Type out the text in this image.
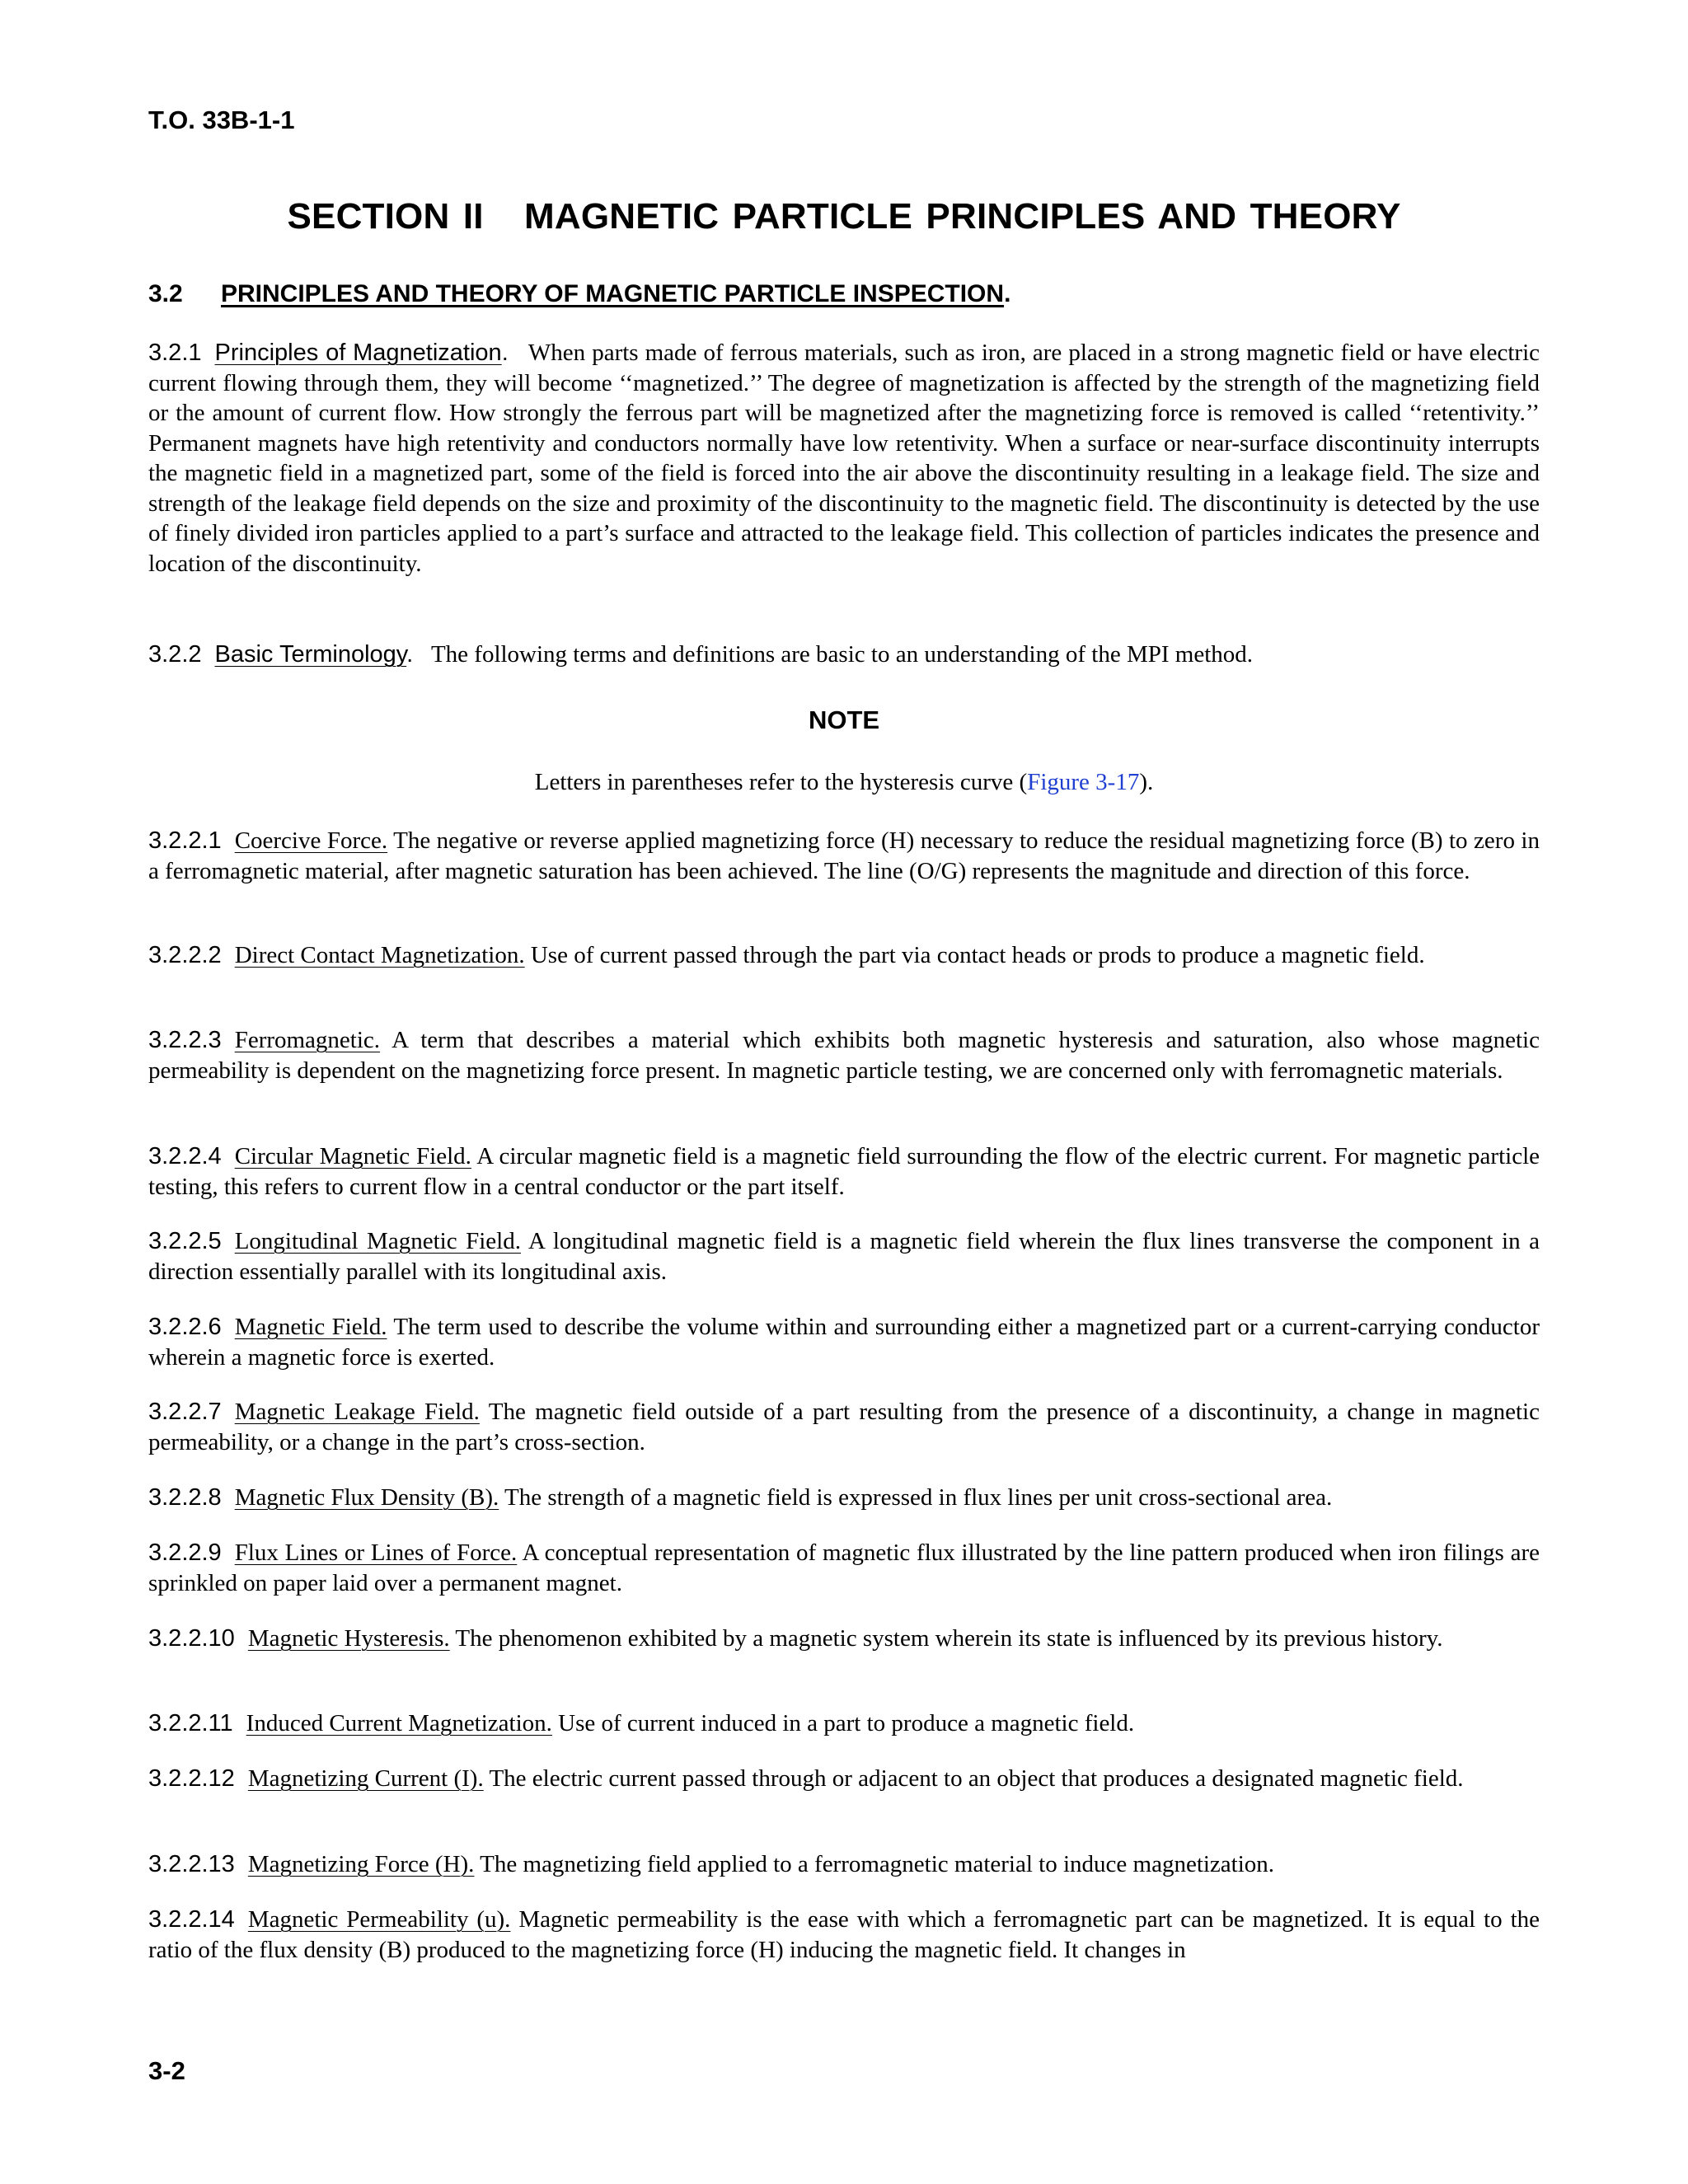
T.O. 33B-1-1
SECTION II   MAGNETIC PARTICLE PRINCIPLES AND THEORY
3.2 PRINCIPLES AND THEORY OF MAGNETIC PARTICLE INSPECTION.

3.2.1 Principles of Magnetization. When parts made of ferrous materials, such as iron, are placed in a strong magnetic field or have electric current flowing through them, they will become ‘‘magnetized.’’ The degree of magnetization is affected by the strength of the magnetizing field or the amount of current flow. How strongly the ferrous part will be magnetized after the magnetizing force is removed is called ‘‘retentivity.’’ Permanent magnets have high retentivity and conductors normally have low retentivity. When a surface or near-surface discontinuity interrupts the magnetic field in a magnetized part, some of the field is forced into the air above the discontinuity resulting in a leakage field. The size and strength of the leakage field depends on the size and proximity of the discontinuity to the magnetic field. The discontinuity is detected by the use of finely divided iron particles applied to a part’s surface and attracted to the leakage field. This collection of particles indicates the presence and location of the discontinuity.

3.2.2 Basic Terminology. The following terms and definitions are basic to an understanding of the MPI method.

NOTE
Letters in parentheses refer to the hysteresis curve (Figure 3-17).

3.2.2.1 Coercive Force. The negative or reverse applied magnetizing force (H) necessary to reduce the residual magnetizing force (B) to zero in a ferromagnetic material, after magnetic saturation has been achieved. The line (O/G) represents the magnitude and direction of this force.

3.2.2.2 Direct Contact Magnetization. Use of current passed through the part via contact heads or prods to produce a magnetic field.

3.2.2.3 Ferromagnetic. A term that describes a material which exhibits both magnetic hysteresis and saturation, also whose magnetic permeability is dependent on the magnetizing force present. In magnetic particle testing, we are concerned only with ferromagnetic materials.

3.2.2.4 Circular Magnetic Field. A circular magnetic field is a magnetic field surrounding the flow of the electric current. For magnetic particle testing, this refers to current flow in a central conductor or the part itself.

3.2.2.5 Longitudinal Magnetic Field. A longitudinal magnetic field is a magnetic field wherein the flux lines transverse the component in a direction essentially parallel with its longitudinal axis.

3.2.2.6 Magnetic Field. The term used to describe the volume within and surrounding either a magnetized part or a current-carrying conductor wherein a magnetic force is exerted.

3.2.2.7 Magnetic Leakage Field. The magnetic field outside of a part resulting from the presence of a discontinuity, a change in magnetic permeability, or a change in the part’s cross-section.

3.2.2.8 Magnetic Flux Density (B). The strength of a magnetic field is expressed in flux lines per unit cross-sectional area.

3.2.2.9 Flux Lines or Lines of Force. A conceptual representation of magnetic flux illustrated by the line pattern produced when iron filings are sprinkled on paper laid over a permanent magnet.

3.2.2.10 Magnetic Hysteresis. The phenomenon exhibited by a magnetic system wherein its state is influenced by its previous history.

3.2.2.11 Induced Current Magnetization. Use of current induced in a part to produce a magnetic field.

3.2.2.12 Magnetizing Current (I). The electric current passed through or adjacent to an object that produces a designated magnetic field.

3.2.2.13 Magnetizing Force (H). The magnetizing field applied to a ferromagnetic material to induce magnetization.

3.2.2.14 Magnetic Permeability (u). Magnetic permeability is the ease with which a ferromagnetic part can be magnetized. It is equal to the ratio of the flux density (B) produced to the magnetizing force (H) inducing the magnetic field. It changes in

3-2
